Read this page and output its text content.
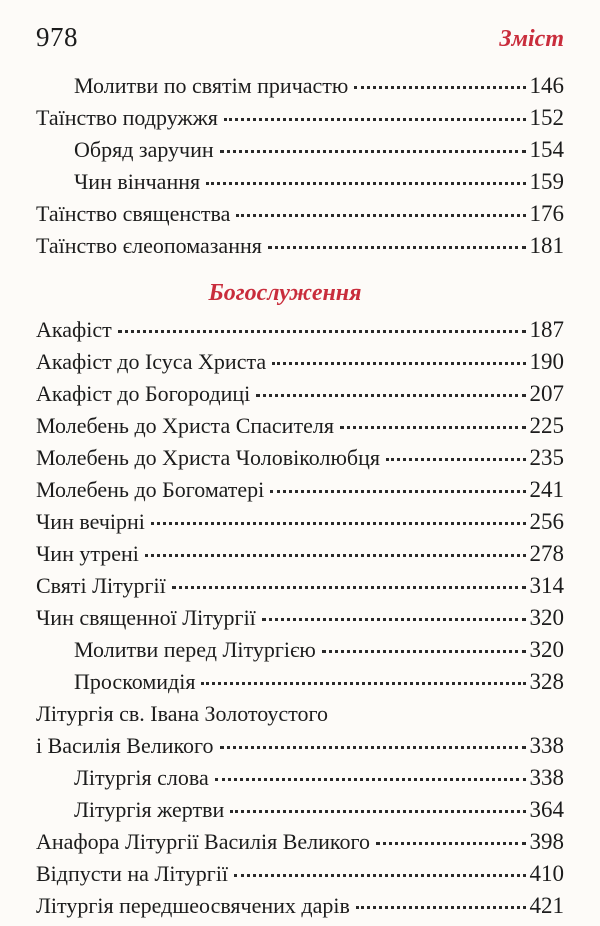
978	Зміст
Молитви по святім причастю	146
Таїнство подружжя	152
Обряд заручин	154
Чин вінчання	159
Таїнство священства	176
Таїнство єлеопомазання	181
Богослуження
Акафіст	187
Акафіст до Ісуса Христа	190
Акафіст до Богородиці	207
Молебень до Христа Спасителя	225
Молебень до Христа Чоловіколюбця	235
Молебень до Богоматері	241
Чин вечірні	256
Чин утрені	278
Святі Літургії	314
Чин священної Літургії	320
Молитви перед Літургією	320
Проскомидія	328
Літургія св. Івана Золотоустого
і Василія Великого	338
Літургія слова	338
Літургія жертви	364
Анафора Літургії Василія Великого	398
Відпусти на Літургії	410
Літургія передшеосвячених дарів	421
